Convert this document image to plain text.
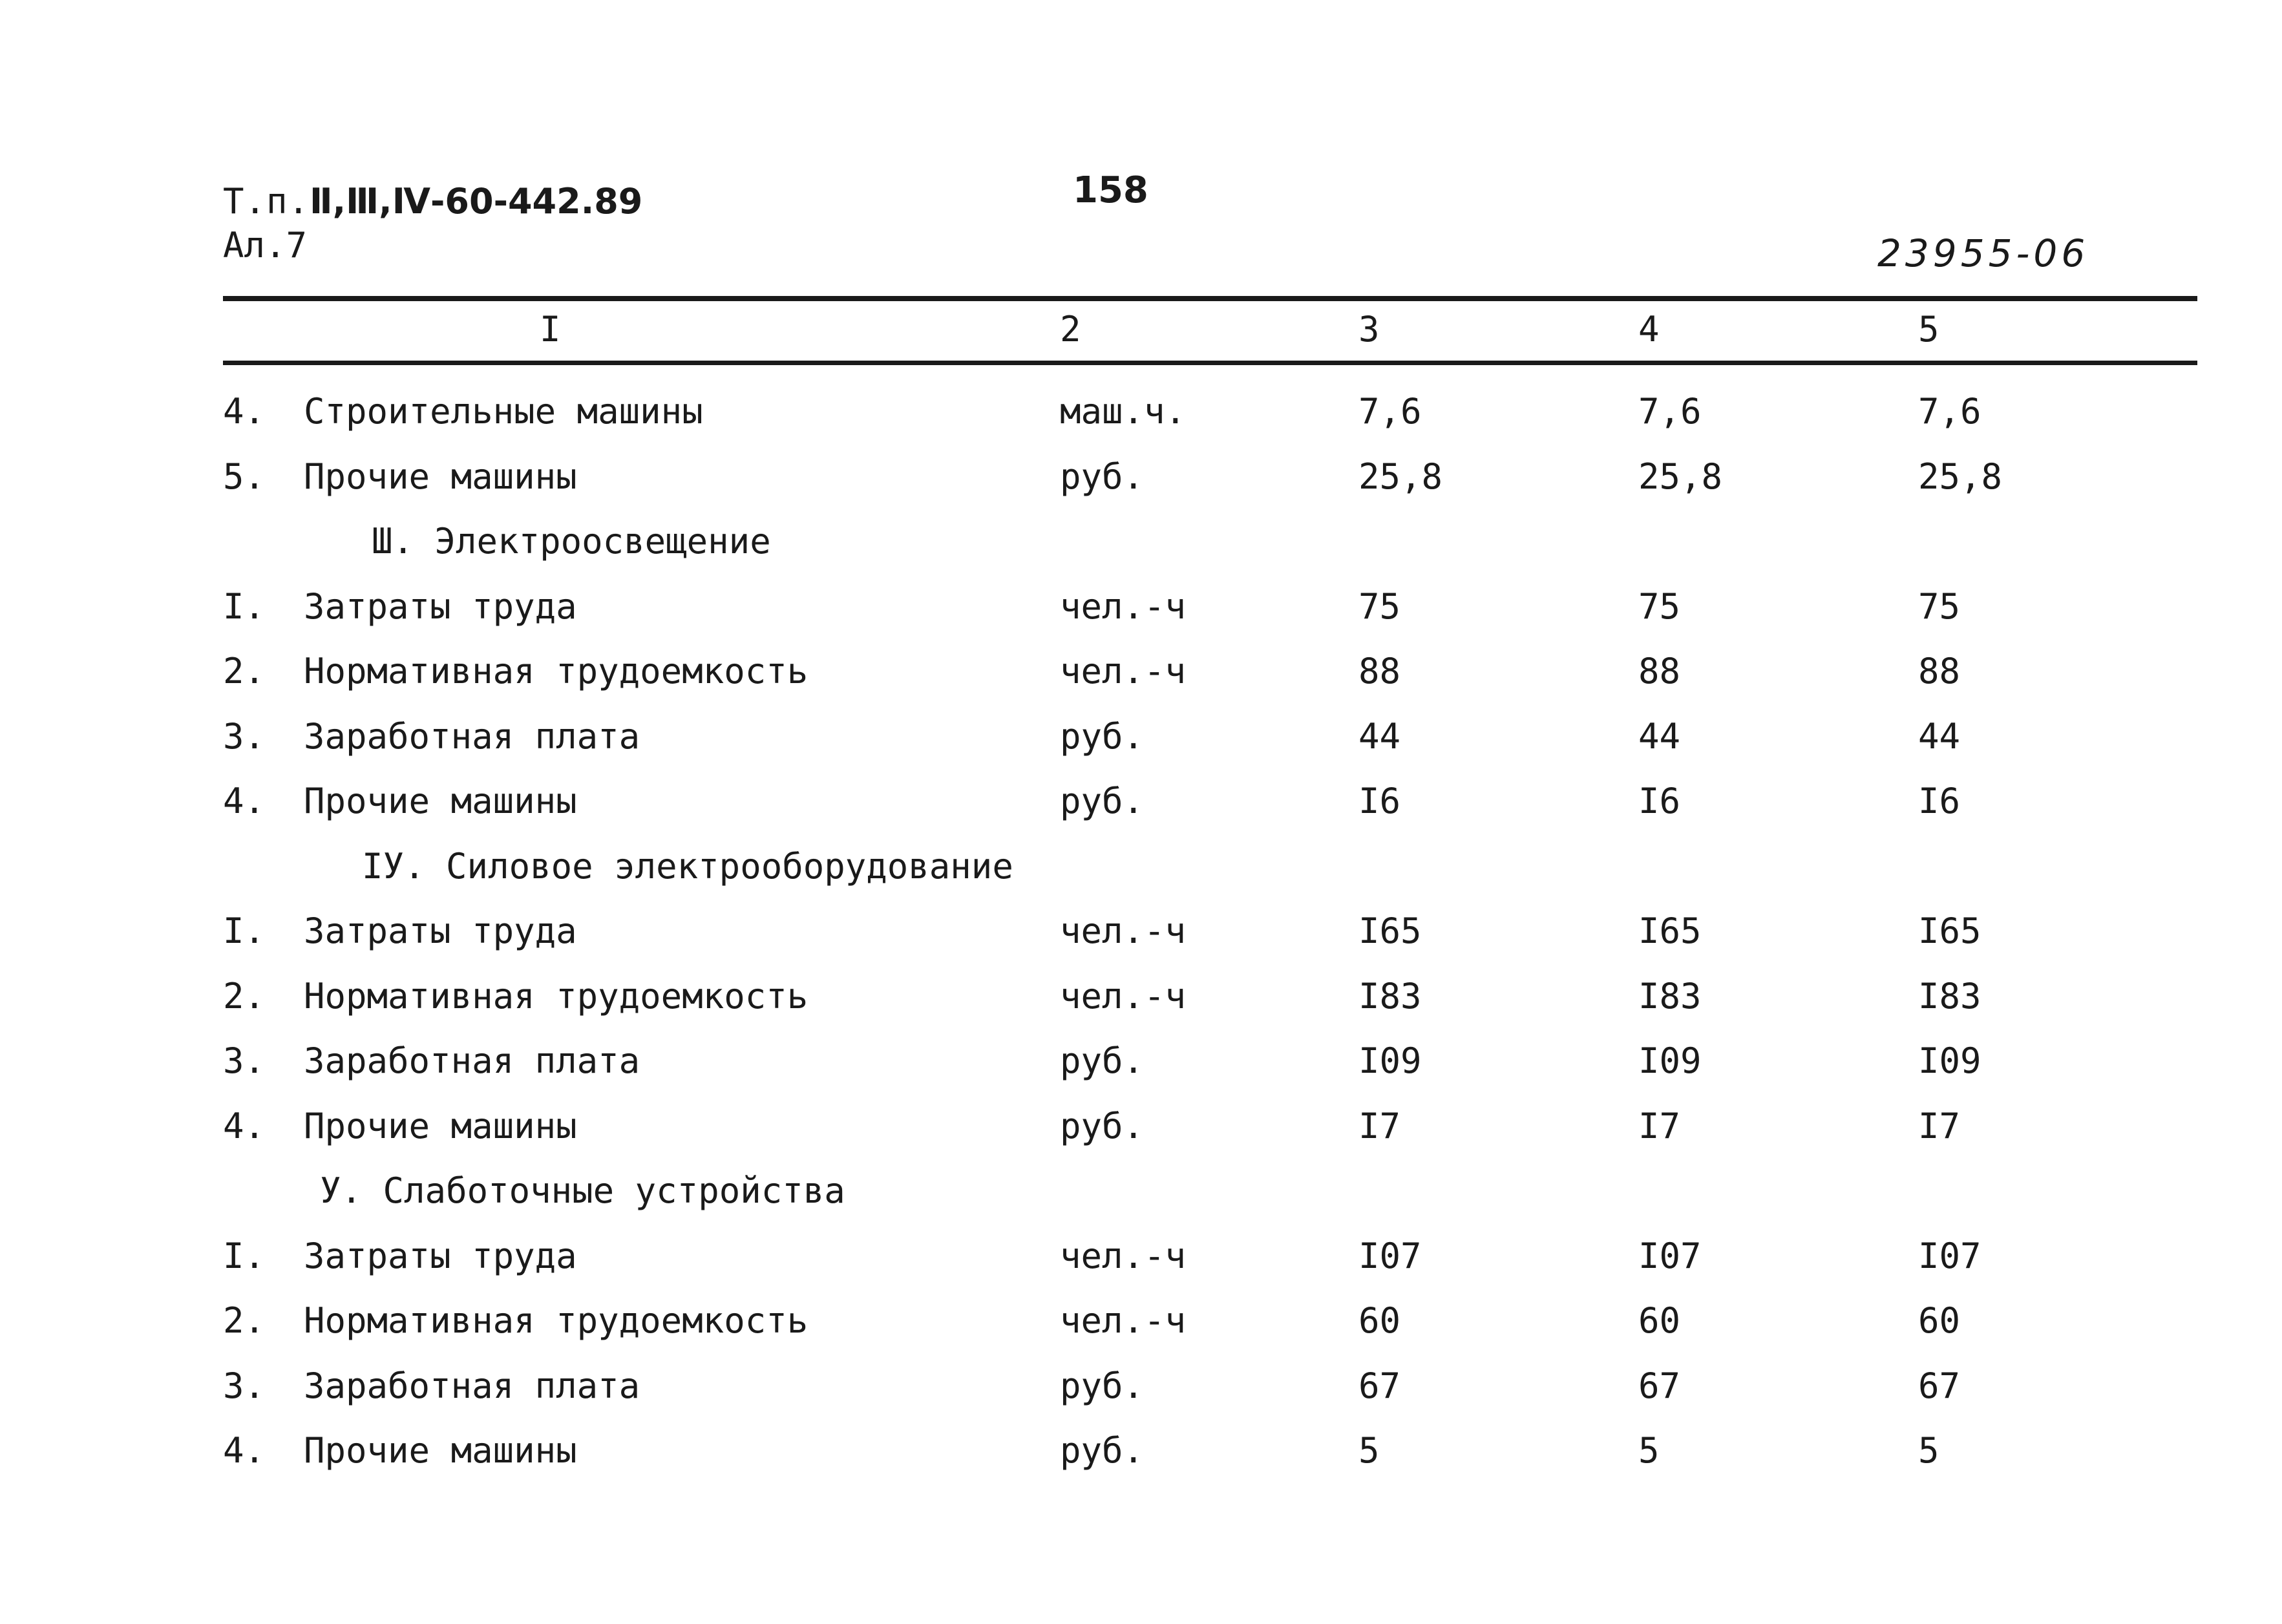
Т.п.Ⅱ,Ⅲ,Ⅳ-60-442.89
Ал.7
158
23955-06
I	2	3	4	5
4. Строительные машины	маш.ч.	7,6	7,6	7,6
5. Прочие машины	руб.	25,8	25,8	25,8
Ш. Электроосвещение
I. Затраты труда	чел.-ч	75	75	75
2. Нормативная трудоемкость	чел.-ч	88	88	88
3. Заработная плата	руб.	44	44	44
4. Прочие машины	руб.	I6	I6	I6
IУ. Силовое электрооборудование
I. Затраты труда	чел.-ч	I65	I65	I65
2. Нормативная трудоемкость	чел.-ч	I83	I83	I83
3. Заработная плата	руб.	I09	I09	I09
4. Прочие машины	руб.	I7	I7	I7
У. Слаботочные устройства
I. Затраты труда	чел.-ч	I07	I07	I07
2. Нормативная трудоемкость	чел.-ч	60	60	60
3. Заработная плата	руб.	67	67	67
4. Прочие машины	руб.	5	5	5
